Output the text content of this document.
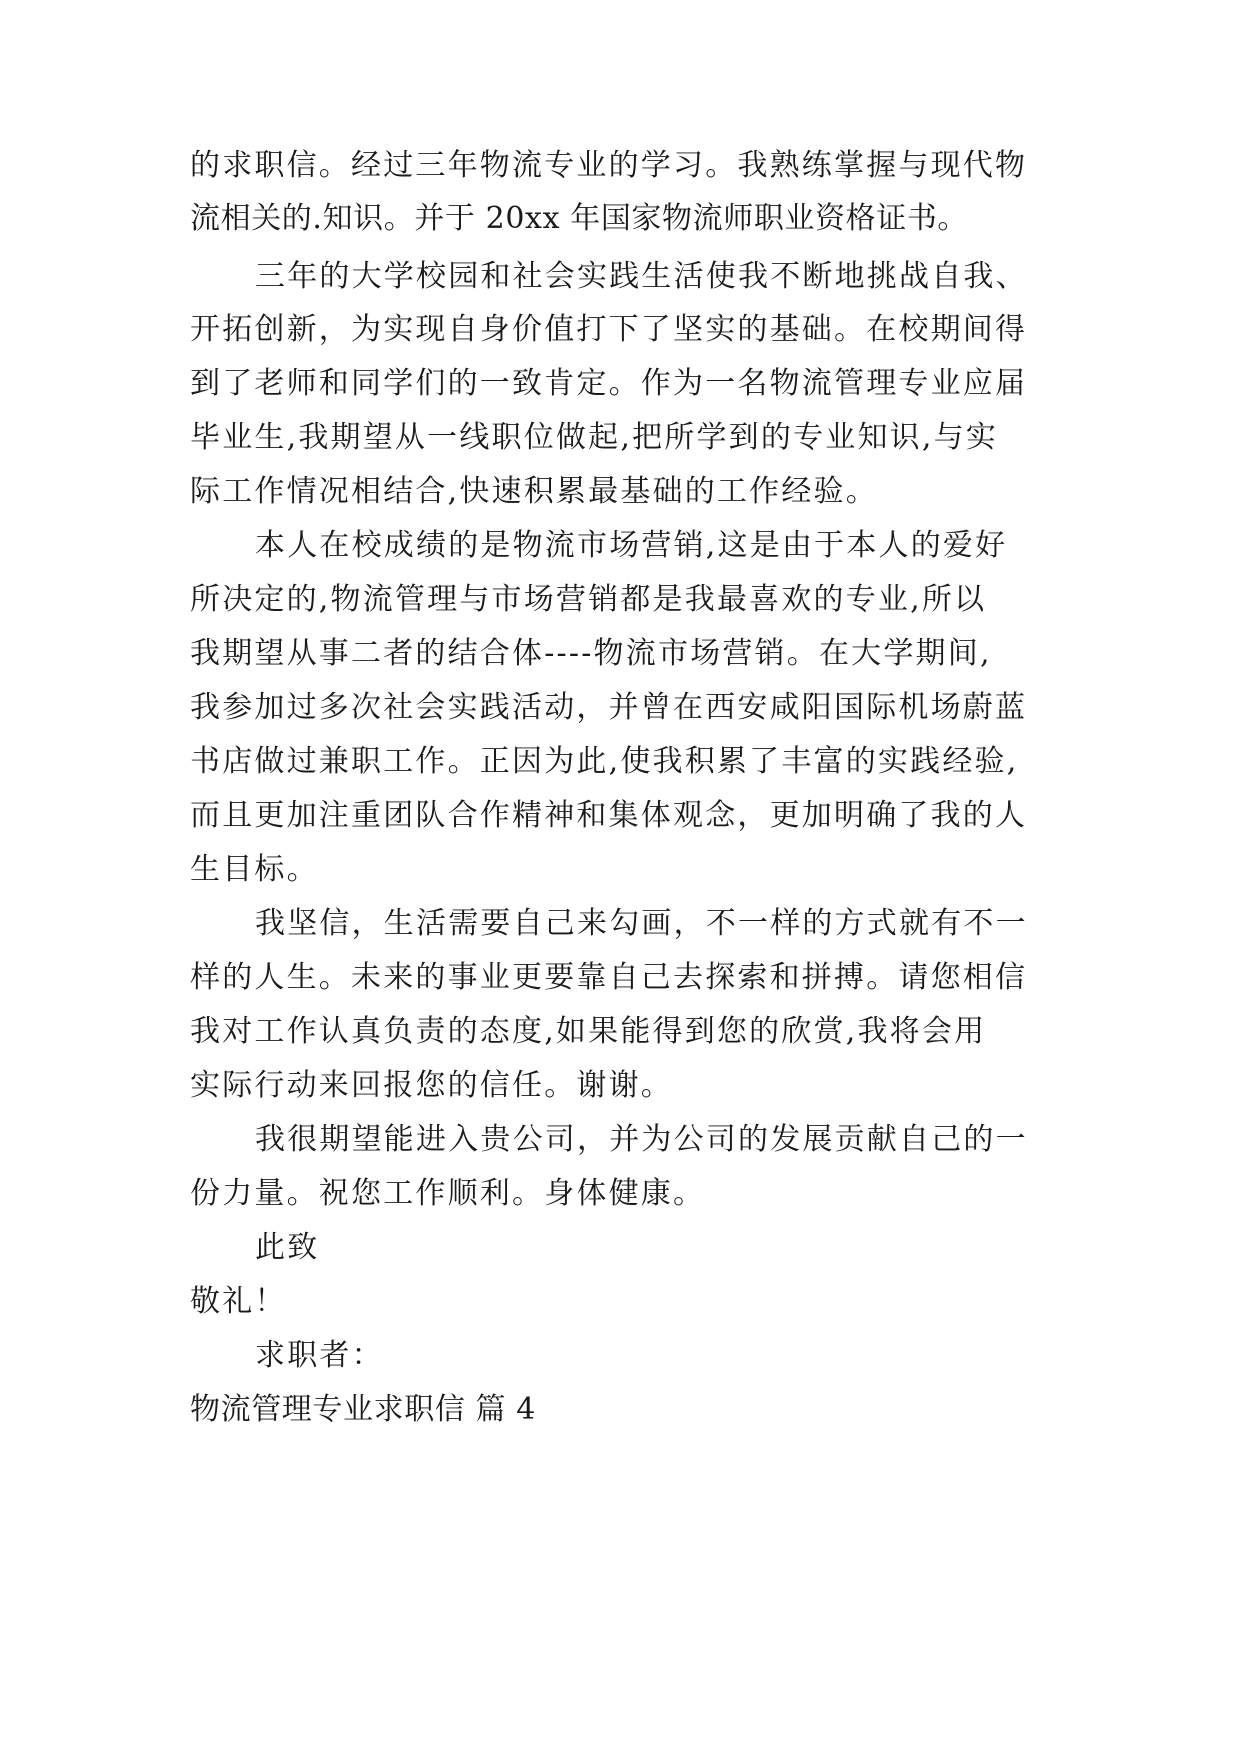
的求职信。经过三年物流专业的学习。我熟练掌握与现代物
流相关的.知识。并于 20xx 年国家物流师职业资格证书。
三年的大学校园和社会实践生活使我不断地挑战自我、
开拓创新，为实现自身价值打下了坚实的基础。在校期间得
到了老师和同学们的一致肯定。作为一名物流管理专业应届
毕业生,我期望从一线职位做起,把所学到的专业知识,与实
际工作情况相结合,快速积累最基础的工作经验。
本人在校成绩的是物流市场营销,这是由于本人的爱好
所决定的,物流管理与市场营销都是我最喜欢的专业,所以
我期望从事二者的结合体----物流市场营销。在大学期间,
我参加过多次社会实践活动，并曾在西安咸阳国际机场蔚蓝
书店做过兼职工作。正因为此,使我积累了丰富的实践经验,
而且更加注重团队合作精神和集体观念，更加明确了我的人
生目标。
我坚信，生活需要自己来勾画，不一样的方式就有不一
样的人生。未来的事业更要靠自己去探索和拼搏。请您相信
我对工作认真负责的态度,如果能得到您的欣赏,我将会用
实际行动来回报您的信任。谢谢。
我很期望能进入贵公司，并为公司的发展贡献自己的一
份力量。祝您工作顺利。身体健康。
此致
敬礼！
求职者：
物流管理专业求职信 篇 4
